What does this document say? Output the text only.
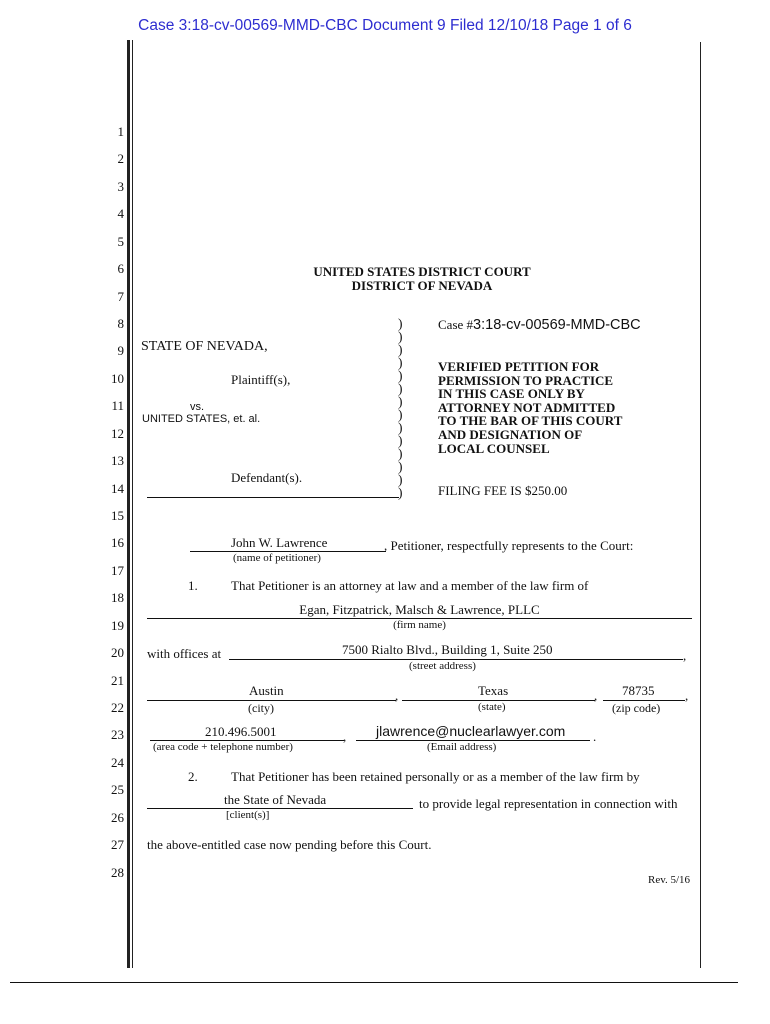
Case 3:18-cv-00569-MMD-CBC Document 9 Filed 12/10/18 Page 1 of 6
1
2
3
4
5
6
7
8
9
10
11
12
13
14
15
16
17
18
19
20
21
22
23
24
25
26
27
28
UNITED STATES DISTRICT COURT
DISTRICT OF NEVADA
STATE OF NEVADA,
Plaintiff(s),
vs.
UNITED STATES, et. al.
Defendant(s).
)
)
)
)
)
)
)
)
)
)
)
)
)
)
Case #3:18-cv-00569-MMD-CBC
VERIFIED PETITION FOR
PERMISSION TO PRACTICE
IN THIS CASE ONLY BY
ATTORNEY NOT ADMITTED
TO THE BAR OF THIS COURT
AND DESIGNATION OF
LOCAL COUNSEL
FILING FEE IS $250.00
John W. Lawrence
(name of petitioner)
, Petitioner, respectfully represents to the Court:
1.	That Petitioner is an attorney at law and a member of the law firm of
Egan, Fitzpatrick, Malsch & Lawrence, PLLC
(firm name)
with offices at	7500 Rialto Blvd., Building 1, Suite 250	,
(street address)
Austin	,
(city)
Texas	,
(state)
78735 ,
(zip code)
210.496.5001	,
(area code + telephone number)
jlawrence@nuclearlawyer.com .
(Email address)
2.	That Petitioner has been retained personally or as a member of the law firm by
the State of Nevada
[client(s)]
to provide legal representation in connection with
the above-entitled case now pending before this Court.
Rev. 5/16
